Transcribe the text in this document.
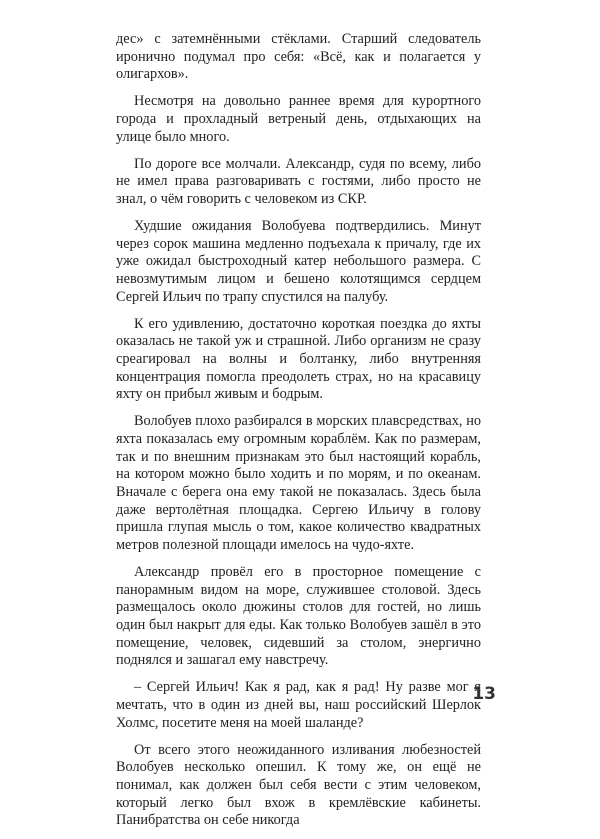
дес» с затемнёнными стёклами. Старший следователь иронично подумал про себя: «Всё, как и полагается у олигархов».

Несмотря на довольно раннее время для курортного города и прохладный ветреный день, отдыхающих на улице было много.

По дороге все молчали. Александр, судя по всему, либо не имел права разговаривать с гостями, либо просто не знал, о чём говорить с человеком из СКР.

Худшие ожидания Волобуева подтвердились. Минут через сорок машина медленно подъехала к причалу, где их уже ожидал быстроходный катер небольшого размера. С невозмутимым лицом и бешено колотящимся сердцем Сергей Ильич по трапу спустился на палубу.

К его удивлению, достаточно короткая поездка до яхты оказалась не такой уж и страшной. Либо организм не сразу среагировал на волны и болтанку, либо внутренняя концентрация помогла преодолеть страх, но на красавицу яхту он прибыл живым и бодрым.

Волобуев плохо разбирался в морских плавсредствах, но яхта показалась ему огромным кораблём. Как по размерам, так и по внешним признакам это был настоящий корабль, на котором можно было ходить и по морям, и по океанам. Вначале с берега она ему такой не показалась. Здесь была даже вертолётная площадка. Сергею Ильичу в голову пришла глупая мысль о том, какое количество квадратных метров полезной площади имелось на чудо-яхте.

Александр провёл его в просторное помещение с панорамным видом на море, служившее столовой. Здесь размещалось около дюжины столов для гостей, но лишь один был накрыт для еды. Как только Волобуев зашёл в это помещение, человек, сидевший за столом, энергично поднялся и зашагал ему навстречу.

– Сергей Ильич! Как я рад, как я рад! Ну разве мог я мечтать, что в один из дней вы, наш российский Шерлок Холмс, посетите меня на моей шаланде?

От всего этого неожиданного изливания любезностей Волобуев несколько опешил. К тому же, он ещё не понимал, как должен был себя вести с этим человеком, который легко был вхож в кремлёвские кабинеты. Панибратства он себе никогда

13
